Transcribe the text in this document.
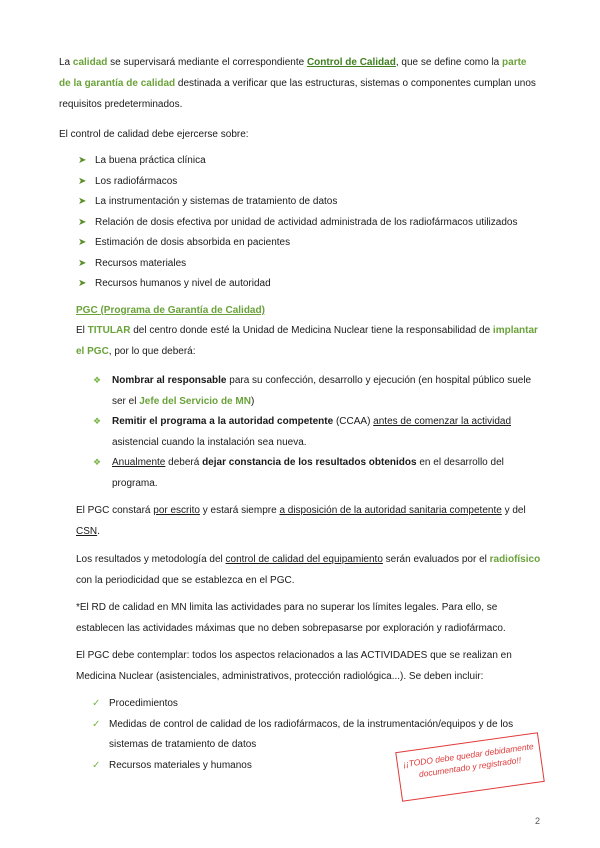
La calidad se supervisará mediante el correspondiente Control de Calidad, que se define como la parte de la garantía de calidad destinada a verificar que las estructuras, sistemas o componentes cumplan unos requisitos predeterminados.
El control de calidad debe ejercerse sobre:
➤ La buena práctica clínica
➤ Los radiofármacos
➤ La instrumentación y sistemas de tratamiento de datos
➤ Relación de dosis efectiva por unidad de actividad administrada de los radiofármacos utilizados
➤ Estimación de dosis absorbida en pacientes
➤ Recursos materiales
➤ Recursos humanos y nivel de autoridad
PGC (Programa de Garantía de Calidad)
El TITULAR del centro donde esté la Unidad de Medicina Nuclear tiene la responsabilidad de implantar el PGC, por lo que deberá:
❖ Nombrar al responsable para su confección, desarrollo y ejecución (en hospital público suele ser el Jefe del Servicio de MN)
❖ Remitir el programa a la autoridad competente (CCAA) antes de comenzar la actividad asistencial cuando la instalación sea nueva.
❖ Anualmente deberá dejar constancia de los resultados obtenidos en el desarrollo del programa.
El PGC constará por escrito y estará siempre a disposición de la autoridad sanitaria competente y del CSN.
Los resultados y metodología del control de calidad del equipamiento serán evaluados por el radiofísico con la periodicidad que se establezca en el PGC.
*El RD de calidad en MN limita las actividades para no superar los límites legales. Para ello, se establecen las actividades máximas que no deben sobrepasarse por exploración y radiofármaco.
El PGC debe contemplar: todos los aspectos relacionados a las ACTIVIDADES que se realizan en Medicina Nuclear (asistenciales, administrativos, protección radiológica...). Se deben incluir:
✓ Procedimientos
✓ Medidas de control de calidad de los radiofármacos, de la instrumentación/equipos y de los
sistemas de tratamiento de datos
✓ Recursos materiales y humanos	¡¡TODO debe quedar debidamente documentado y registrado!!
2
